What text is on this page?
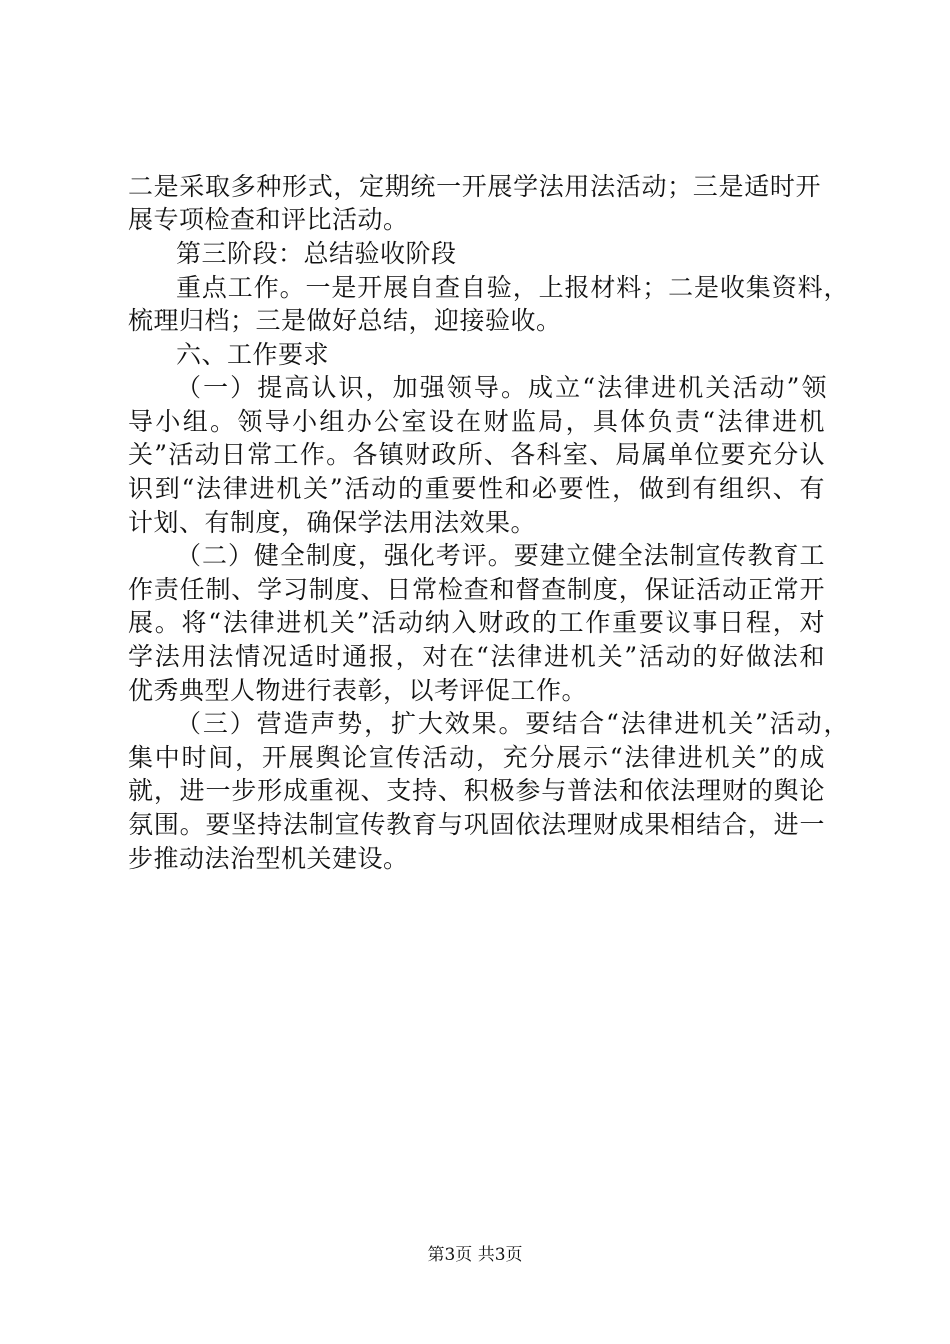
二是采取多种形式，定期统一开展学法用法活动；三是适时开
展专项检查和评比活动。
第三阶段：总结验收阶段
重点工作。一是开展自查自验，上报材料；二是收集资料，
梳理归档；三是做好总结，迎接验收。
六、工作要求
（一）提高认识，加强领导。成立“法律进机关活动”领
导小组。领导小组办公室设在财监局，具体负责“法律进机
关”活动日常工作。各镇财政所、各科室、局属单位要充分认
识到“法律进机关”活动的重要性和必要性，做到有组织、有
计划、有制度，确保学法用法效果。
（二）健全制度，强化考评。要建立健全法制宣传教育工
作责任制、学习制度、日常检查和督查制度，保证活动正常开
展。将“法律进机关”活动纳入财政的工作重要议事日程，对
学法用法情况适时通报，对在“法律进机关”活动的好做法和
优秀典型人物进行表彰，以考评促工作。
（三）营造声势，扩大效果。要结合“法律进机关”活动，
集中时间，开展舆论宣传活动，充分展示“法律进机关”的成
就，进一步形成重视、支持、积极参与普法和依法理财的舆论
氛围。要坚持法制宣传教育与巩固依法理财成果相结合，进一
步推动法治型机关建设。
第3页 共3页
